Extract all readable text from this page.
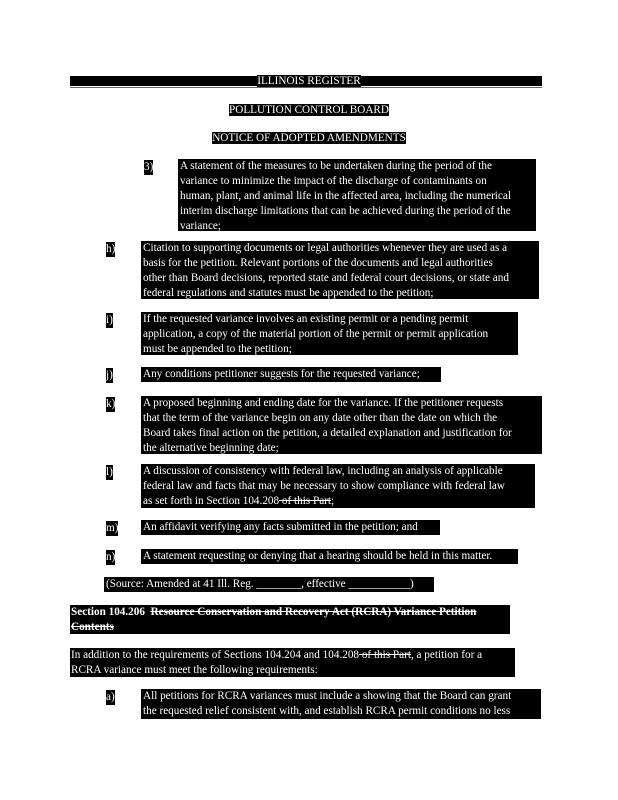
ILLINOIS REGISTER
POLLUTION CONTROL BOARD
NOTICE OF ADOPTED AMENDMENTS
3) A statement of the measures to be undertaken during the period of the
variance to minimize the impact of the discharge of contaminants on
human, plant, and animal life in the affected area, including the numerical
interim discharge limitations that can be achieved during the period of the
variance;
h) Citation to supporting documents or legal authorities whenever they are used as a
basis for the petition. Relevant portions of the documents and legal authorities
other than Board decisions, reported state and federal court decisions, or state and
federal regulations and statutes must be appended to the petition;
i)	If the requested variance involves an existing permit or a pending permit
application, a copy of the material portion of the permit or permit application
must be appended to the petition;
j)	Any conditions petitioner suggests for the requested variance;
k) A proposed beginning and ending date for the variance. If the petitioner requests
that the term of the variance begin on any date other than the date on which the
Board takes final action on the petition, a detailed explanation and justification for
the alternative beginning date;
l)	A discussion of consistency with federal law, including an analysis of applicable
federal law and facts that may be necessary to show compliance with federal law
as set forth in Section 104.208 of this Part;
m) An affidavit verifying any facts submitted in the petition; and
n) A statement requesting or denying that a hearing should be held in this matter.
(Source: Amended at 41 Ill. Reg. ________, effective ___________)
Section 104.206 Resource Conservation and Recovery Act (RCRA) Variance Petition
Contents
In addition to the requirements of Sections 104.204 and 104.208 of this Part, a petition for a
RCRA variance must meet the following requirements:
a)	All petitions for RCRA variances must include a showing that the Board can grant
the requested relief consistent with, and establish RCRA permit conditions no less
